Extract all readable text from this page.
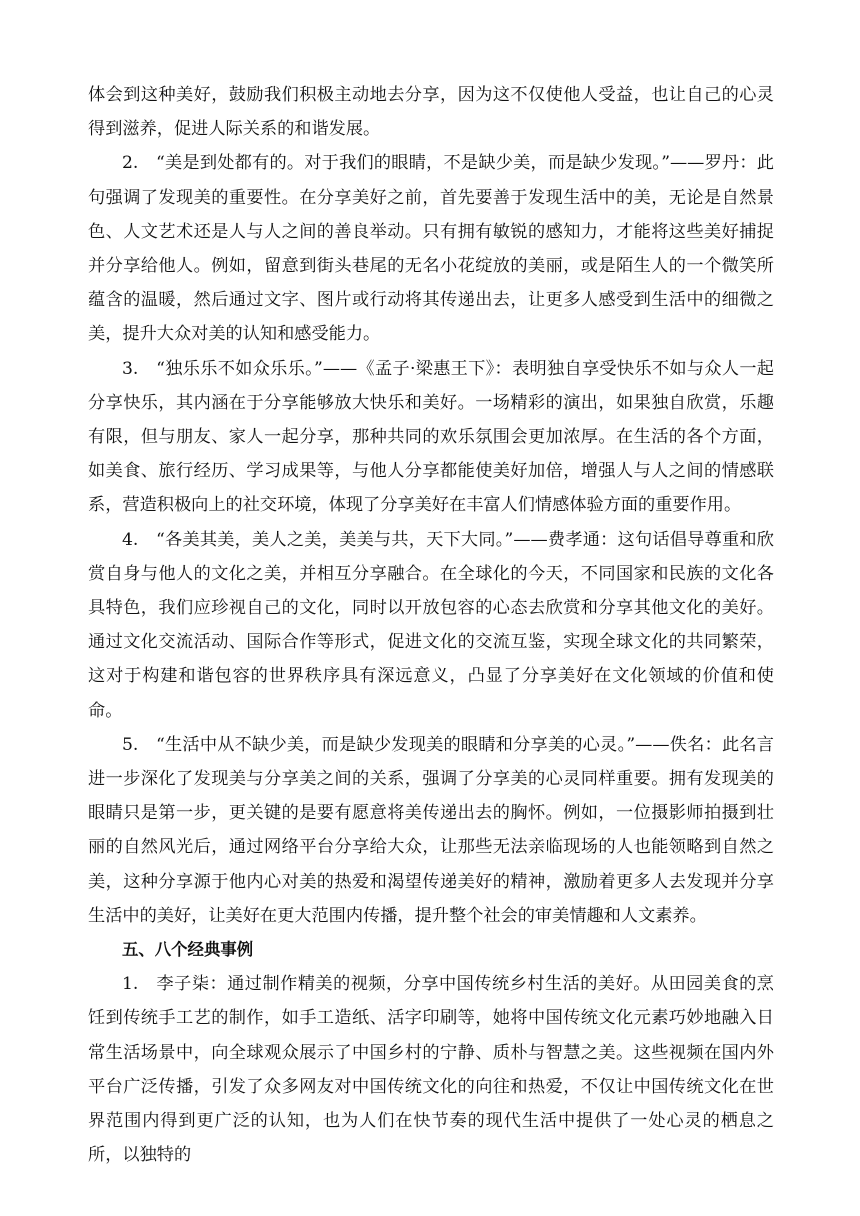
体会到这种美好，鼓励我们积极主动地去分享，因为这不仅使他人受益，也让自己的心灵得到滋养，促进人际关系的和谐发展。

2.　“美是到处都有的。对于我们的眼睛，不是缺少美，而是缺少发现。”——罗丹：此句强调了发现美的重要性。在分享美好之前，首先要善于发现生活中的美，无论是自然景色、人文艺术还是人与人之间的善良举动。只有拥有敏锐的感知力，才能将这些美好捕捉并分享给他人。例如，留意到街头巷尾的无名小花绽放的美丽，或是陌生人的一个微笑所蕴含的温暖，然后通过文字、图片或行动将其传递出去，让更多人感受到生活中的细微之美，提升大众对美的认知和感受能力。

3.　“独乐乐不如众乐乐。”——《孟子·梁惠王下》：表明独自享受快乐不如与众人一起分享快乐，其内涵在于分享能够放大快乐和美好。一场精彩的演出，如果独自欣赏，乐趣有限，但与朋友、家人一起分享，那种共同的欢乐氛围会更加浓厚。在生活的各个方面，如美食、旅行经历、学习成果等，与他人分享都能使美好加倍，增强人与人之间的情感联系，营造积极向上的社交环境，体现了分享美好在丰富人们情感体验方面的重要作用。

4.　“各美其美，美人之美，美美与共，天下大同。”——费孝通：这句话倡导尊重和欣赏自身与他人的文化之美，并相互分享融合。在全球化的今天，不同国家和民族的文化各具特色，我们应珍视自己的文化，同时以开放包容的心态去欣赏和分享其他文化的美好。通过文化交流活动、国际合作等形式，促进文化的交流互鉴，实现全球文化的共同繁荣，这对于构建和谐包容的世界秩序具有深远意义，凸显了分享美好在文化领域的价值和使命。

5.　“生活中从不缺少美，而是缺少发现美的眼睛和分享美的心灵。”——佚名：此名言进一步深化了发现美与分享美之间的关系，强调了分享美的心灵同样重要。拥有发现美的眼睛只是第一步，更关键的是要有愿意将美传递出去的胸怀。例如，一位摄影师拍摄到壮丽的自然风光后，通过网络平台分享给大众，让那些无法亲临现场的人也能领略到自然之美，这种分享源于他内心对美的热爱和渴望传递美好的精神，激励着更多人去发现并分享生活中的美好，让美好在更大范围内传播，提升整个社会的审美情趣和人文素养。

五、八个经典事例

1.　李子柒：通过制作精美的视频，分享中国传统乡村生活的美好。从田园美食的烹饪到传统手工艺的制作，如手工造纸、活字印刷等，她将中国传统文化元素巧妙地融入日常生活场景中，向全球观众展示了中国乡村的宁静、质朴与智慧之美。这些视频在国内外平台广泛传播，引发了众多网友对中国传统文化的向往和热爱，不仅让中国传统文化在世界范围内得到更广泛的认知，也为人们在快节奏的现代生活中提供了一处心灵的栖息之所，以独特的
